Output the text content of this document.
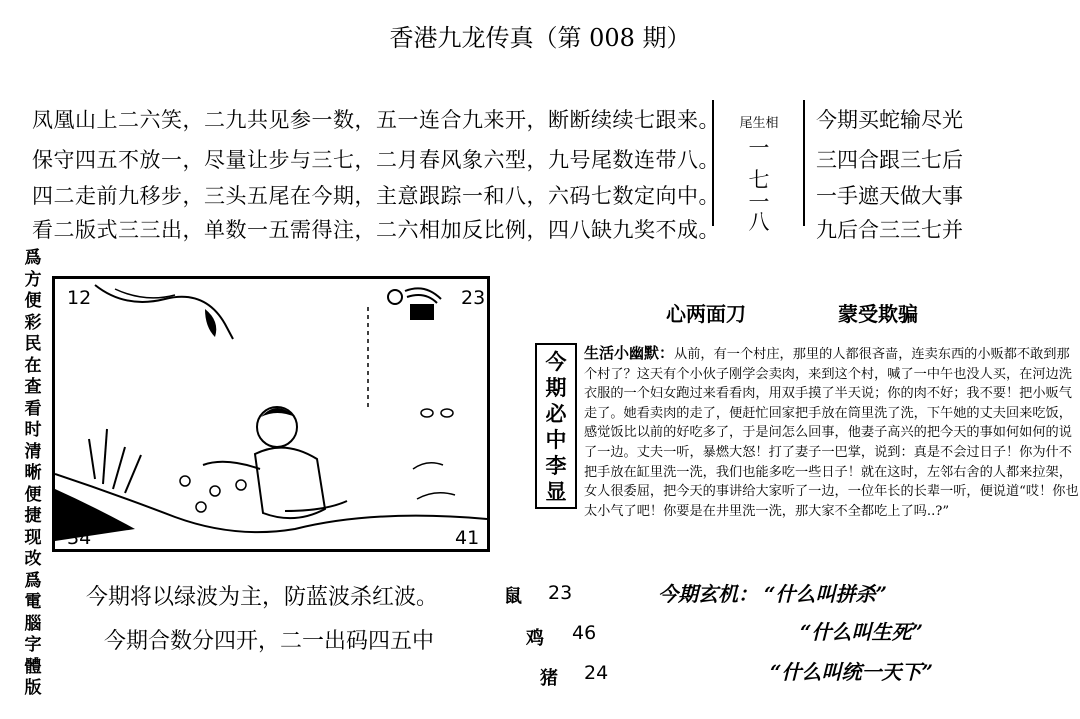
香港九龙传真（第 008 期）
凤凰山上二六笑，二九共见参一数，五一连合九来开，断断续续七跟来。
保守四五不放一，尽量让步与三七，二月春风象六型，九号尾数连带八。
四二走前九移步，三头五尾在今期，主意跟踪一和八，六码七数定向中。
看二版式三三出，单数一五需得注，二六相加反比例，四八缺九奖不成。
尾生相
一
七
一
八
今期买蛇输尽光
三四合跟三七后
一手遮天做大事
九后合三三七并
爲方便彩民在查看时清晰便捷现改爲電腦字體版
12	23
34	41
心两面刀	蒙受欺骗
今期必中李显
生活小幽默：从前，有一个村庄，那里的人都很吝啬，连卖东西的小贩都不敢到那个村了？这天有个小伙子刚学会卖肉，来到这个村，喊了一中午也没人买，在河边洗衣服的一个妇女跑过来看看肉，用双手摸了半天说；你的肉不好；我不要！把小贩气走了。她看卖肉的走了，便赶忙回家把手放在筒里洗了洗，下午她的丈夫回来吃饭，感觉饭比以前的好吃多了，于是问怎么回事，他妻子高兴的把今天的事如何如何的说了一边。丈夫一听，暴燃大怒！打了妻子一巴掌，说到：真是不会过日子！你为什不把手放在缸里洗一洗，我们也能多吃一些日子！就在这时，左邻右舍的人都来拉架，女人很委屈，把今天的事讲给大家听了一边，一位年长的长辈一听，便说道“哎！你也太小气了吧！你要是在井里洗一洗，那大家不全都吃上了吗..?”
今期将以绿波为主，防蓝波杀红波。
今期合数分四开，二一出码四五中
鼠 23
鸡 46
猪 24
今期玄机： “什么叫拼杀”
“什么叫生死”
“什么叫统一天下”
